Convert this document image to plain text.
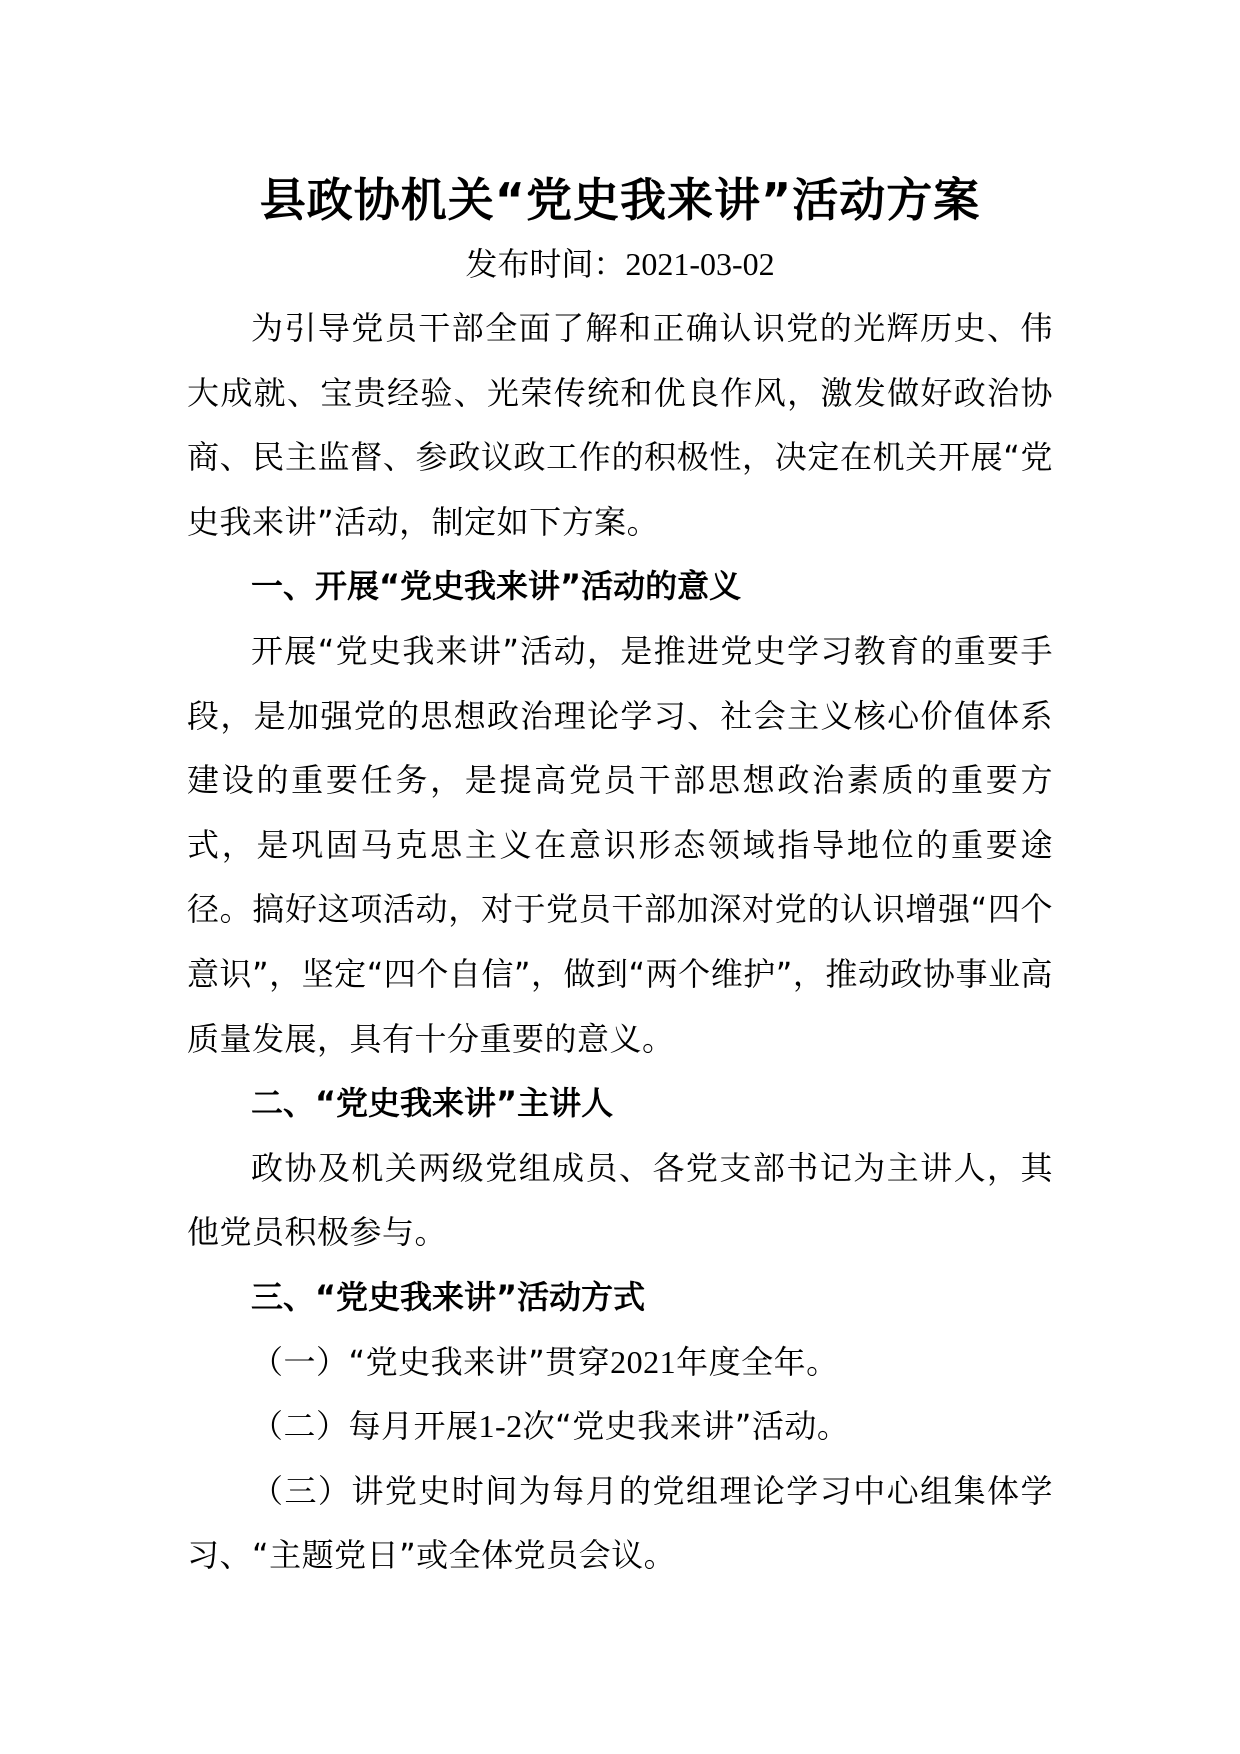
县政协机关“党史我来讲”活动方案
发布时间：2021-03-02

为引导党员干部全面了解和正确认识党的光辉历史、伟大成就、宝贵经验、光荣传统和优良作风，激发做好政治协商、民主监督、参政议政工作的积极性，决定在机关开展“党史我来讲”活动，制定如下方案。

一、开展“党史我来讲”活动的意义

开展“党史我来讲”活动，是推进党史学习教育的重要手段，是加强党的思想政治理论学习、社会主义核心价值体系建设的重要任务，是提高党员干部思想政治素质的重要方式，是巩固马克思主义在意识形态领域指导地位的重要途径。搞好这项活动，对于党员干部加深对党的认识增强“四个意识”，坚定“四个自信”，做到“两个维护”，推动政协事业高质量发展，具有十分重要的意义。

二、“党史我来讲”主讲人

政协及机关两级党组成员、各党支部书记为主讲人，其他党员积极参与。

三、“党史我来讲”活动方式

（一）“党史我来讲”贯穿2021年度全年。

（二）每月开展1-2次“党史我来讲”活动。

（三）讲党史时间为每月的党组理论学习中心组集体学习、“主题党日”或全体党员会议。
